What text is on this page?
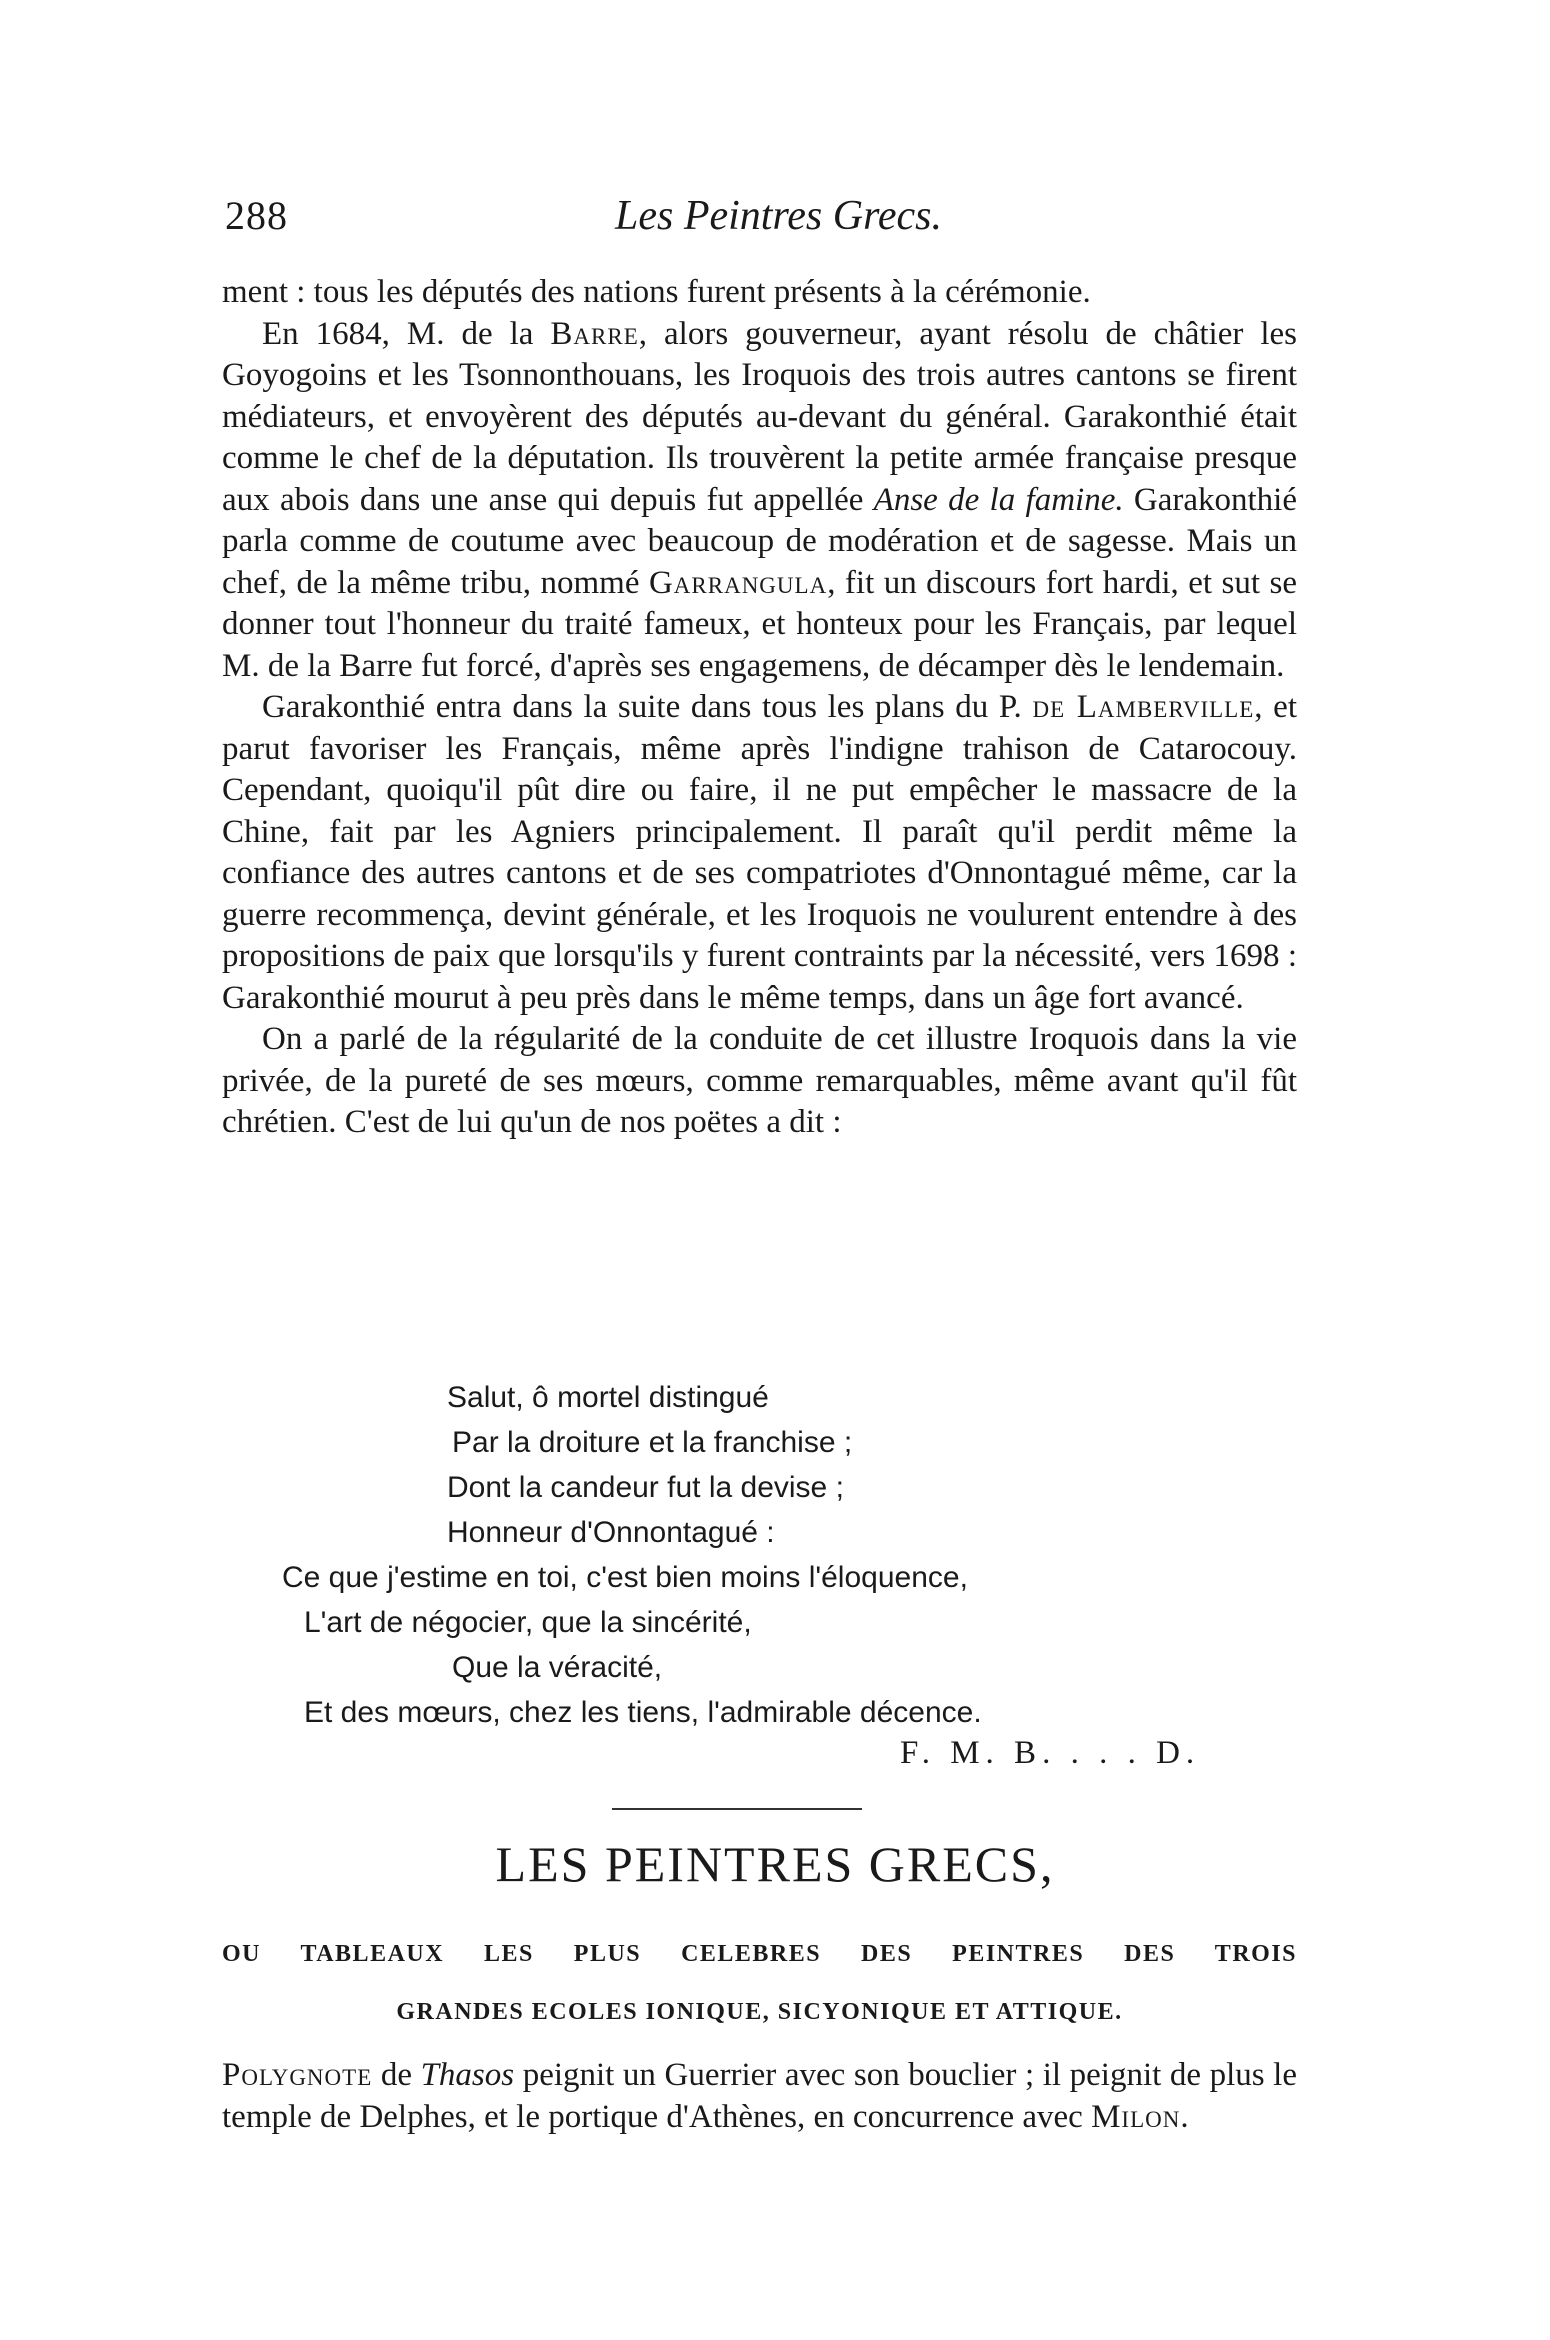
288	Les Peintres Grecs.

ment : tous les députés des nations furent présents à la cérémonie.

En 1684, M. de la Barre, alors gouverneur, ayant résolu de châtier les Goyogoins et les Tsonnonthouans, les Iroquois des trois autres cantons se firent médiateurs, et envoyèrent des députés au-devant du général. Garakonthié était comme le chef de la députation. Ils trouvèrent la petite armée française presque aux abois dans une anse qui depuis fut appellée Anse de la famine. Garakonthié parla comme de coutume avec beaucoup de modération et de sagesse. Mais un chef, de la même tribu, nommé Garrangula, fit un discours fort hardi, et sut se donner tout l'honneur du traité fameux, et honteux pour les Français, par lequel M. de la Barre fut forcé, d'après ses engagemens, de décamper dès le lendemain.

Garakonthié entra dans la suite dans tous les plans du P. de Lamberville, et parut favoriser les Français, même après l'indigne trahison de Catarocouy. Cependant, quoiqu'il pût dire ou faire, il ne put empêcher le massacre de la Chine, fait par les Agniers principalement. Il paraît qu'il perdit même la confiance des autres cantons et de ses compatriotes d'Onnontagué même, car la guerre recommença, devint générale, et les Iroquois ne voulurent entendre à des propositions de paix que lorsqu'ils y furent contraints par la nécessité, vers 1698 : Garakonthié mourut à peu près dans le même temps, dans un âge fort avancé.

On a parlé de la régularité de la conduite de cet illustre Iroquois dans la vie privée, de la pureté de ses mœurs, comme remarquables, même avant qu'il fût chrétien. C'est de lui qu'un de nos poëtes a dit :

Salut, ô mortel distingué
Par la droiture et la franchise ;
Dont la candeur fut la devise ;
Honneur d'Onnontagué :
Ce que j'estime en toi, c'est bien moins l'éloquence,
L'art de négocier, que la sincérité,
Que la véracité,
Et des mœurs, chez les tiens, l'admirable décence.
F. M. B. . . . D.
LES PEINTRES GRECS,
OU TABLEAUX LES PLUS CELEBRES DES PEINTRES DES TROIS
GRANDES ECOLES IONIQUE, SICYONIQUE ET ATTIQUE.

Polygnote de Thasos peignit un Guerrier avec son bouclier ; il peignit de plus le temple de Delphes, et le portique d'Athènes, en concurrence avec Milon.
